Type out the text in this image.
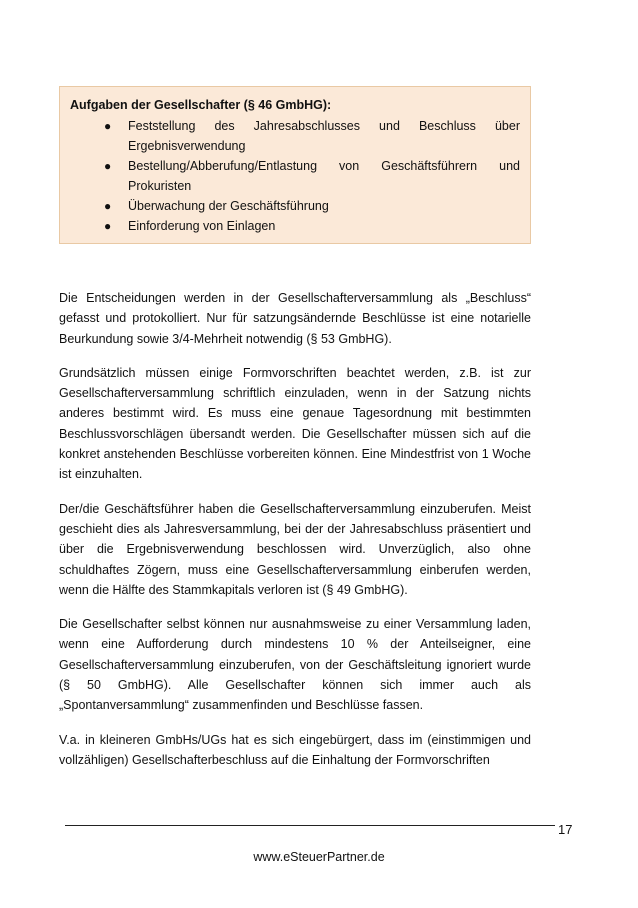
Aufgaben der Gesellschafter (§ 46 GmbHG):
● Feststellung des Jahresabschlusses und Beschluss über Ergebnisverwendung
● Bestellung/Abberufung/Entlastung von Geschäftsführern und Prokuristen
● Überwachung der Geschäftsführung
● Einforderung von Einlagen

Die Entscheidungen werden in der Gesellschafterversammlung als „Beschluss“ gefasst und protokolliert. Nur für satzungsändernde Beschlüsse ist eine notarielle Beurkundung sowie 3/4-Mehrheit notwendig (§ 53 GmbHG).

Grundsätzlich müssen einige Formvorschriften beachtet werden, z.B. ist zur Gesellschafterversammlung schriftlich einzuladen, wenn in der Satzung nichts anderes bestimmt wird. Es muss eine genaue Tagesordnung mit bestimmten Beschlussvorschlägen übersandt werden. Die Gesellschafter müssen sich auf die konkret anstehenden Beschlüsse vorbereiten können. Eine Mindestfrist von 1 Woche ist einzuhalten.

Der/die Geschäftsführer haben die Gesellschafterversammlung einzuberufen. Meist geschieht dies als Jahresversammlung, bei der der Jahresabschluss präsentiert und über die Ergebnisverwendung beschlossen wird. Unverzüglich, also ohne schuldhaftes Zögern, muss eine Gesellschafterversammlung einberufen werden, wenn die Hälfte des Stammkapitals verloren ist (§ 49 GmbHG).

Die Gesellschafter selbst können nur ausnahmsweise zu einer Versammlung laden, wenn eine Aufforderung durch mindestens 10 % der Anteilseigner, eine Gesellschafterversammlung einzuberufen, von der Geschäftsleitung ignoriert wurde (§ 50 GmbHG). Alle Gesellschafter können sich immer auch als „Spontanversammlung“ zusammenfinden und Beschlüsse fassen.

V.a. in kleineren GmbHs/UGs hat es sich eingebürgert, dass im (einstimmigen und vollzähligen) Gesellschafterbeschluss auf die Einhaltung der Formvorschriften

17
www.eSteuerPartner.de
